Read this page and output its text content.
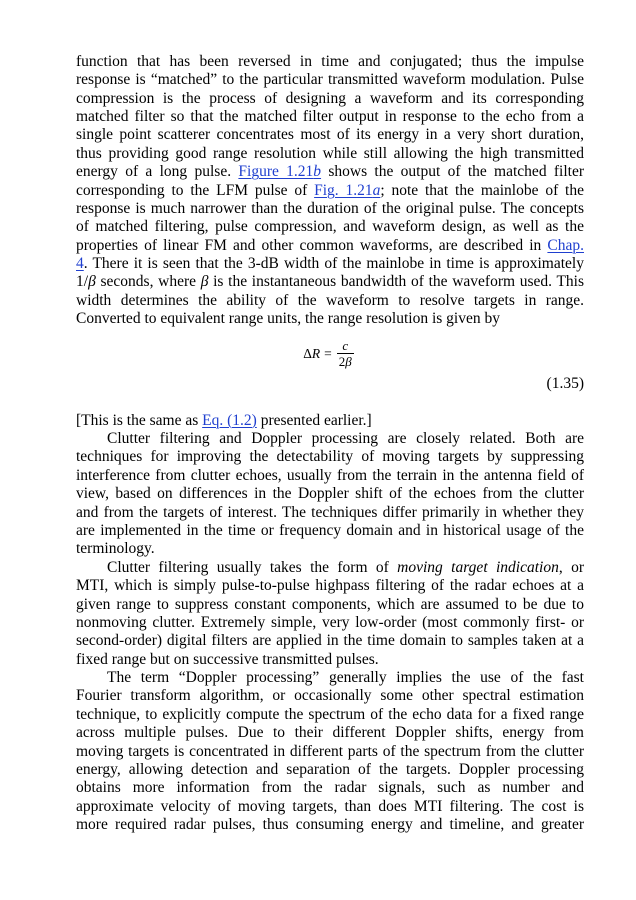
function that has been reversed in time and conjugated; thus the impulse
response is “matched” to the particular transmitted waveform modulation. Pulse
compression is the process of designing a waveform and its corresponding
matched filter so that the matched filter output in response to the echo from a
single point scatterer concentrates most of its energy in a very short duration,
thus providing good range resolution while still allowing the high transmitted
energy of a long pulse. Figure 1.21b shows the output of the matched filter
corresponding to the LFM pulse of Fig. 1.21a; note that the mainlobe of the
response is much narrower than the duration of the original pulse. The concepts
of matched filtering, pulse compression, and waveform design, as well as the
properties of linear FM and other common waveforms, are described in Chap.
4. There it is seen that the 3-dB width of the mainlobe in time is approximately
1/β seconds, where β is the instantaneous bandwidth of the waveform used. This
width determines the ability of the waveform to resolve targets in range.
Converted to equivalent range units, the range resolution is given by
$\Delta R = \frac{c}{2\beta}$
(1.35)
[This is the same as Eq. (1.2) presented earlier.]
Clutter filtering and Doppler processing are closely related. Both are
techniques for improving the detectability of moving targets by suppressing
interference from clutter echoes, usually from the terrain in the antenna field of
view, based on differences in the Doppler shift of the echoes from the clutter
and from the targets of interest. The techniques differ primarily in whether they
are implemented in the time or frequency domain and in historical usage of the
terminology.
Clutter filtering usually takes the form of moving target indication, or
MTI, which is simply pulse-to-pulse highpass filtering of the radar echoes at a
given range to suppress constant components, which are assumed to be due to
nonmoving clutter. Extremely simple, very low-order (most commonly first- or
second-order) digital filters are applied in the time domain to samples taken at a
fixed range but on successive transmitted pulses.
The term “Doppler processing” generally implies the use of the fast
Fourier transform algorithm, or occasionally some other spectral estimation
technique, to explicitly compute the spectrum of the echo data for a fixed range
across multiple pulses. Due to their different Doppler shifts, energy from
moving targets is concentrated in different parts of the spectrum from the clutter
energy, allowing detection and separation of the targets. Doppler processing
obtains more information from the radar signals, such as number and
approximate velocity of moving targets, than does MTI filtering. The cost is
more required radar pulses, thus consuming energy and timeline, and greater
